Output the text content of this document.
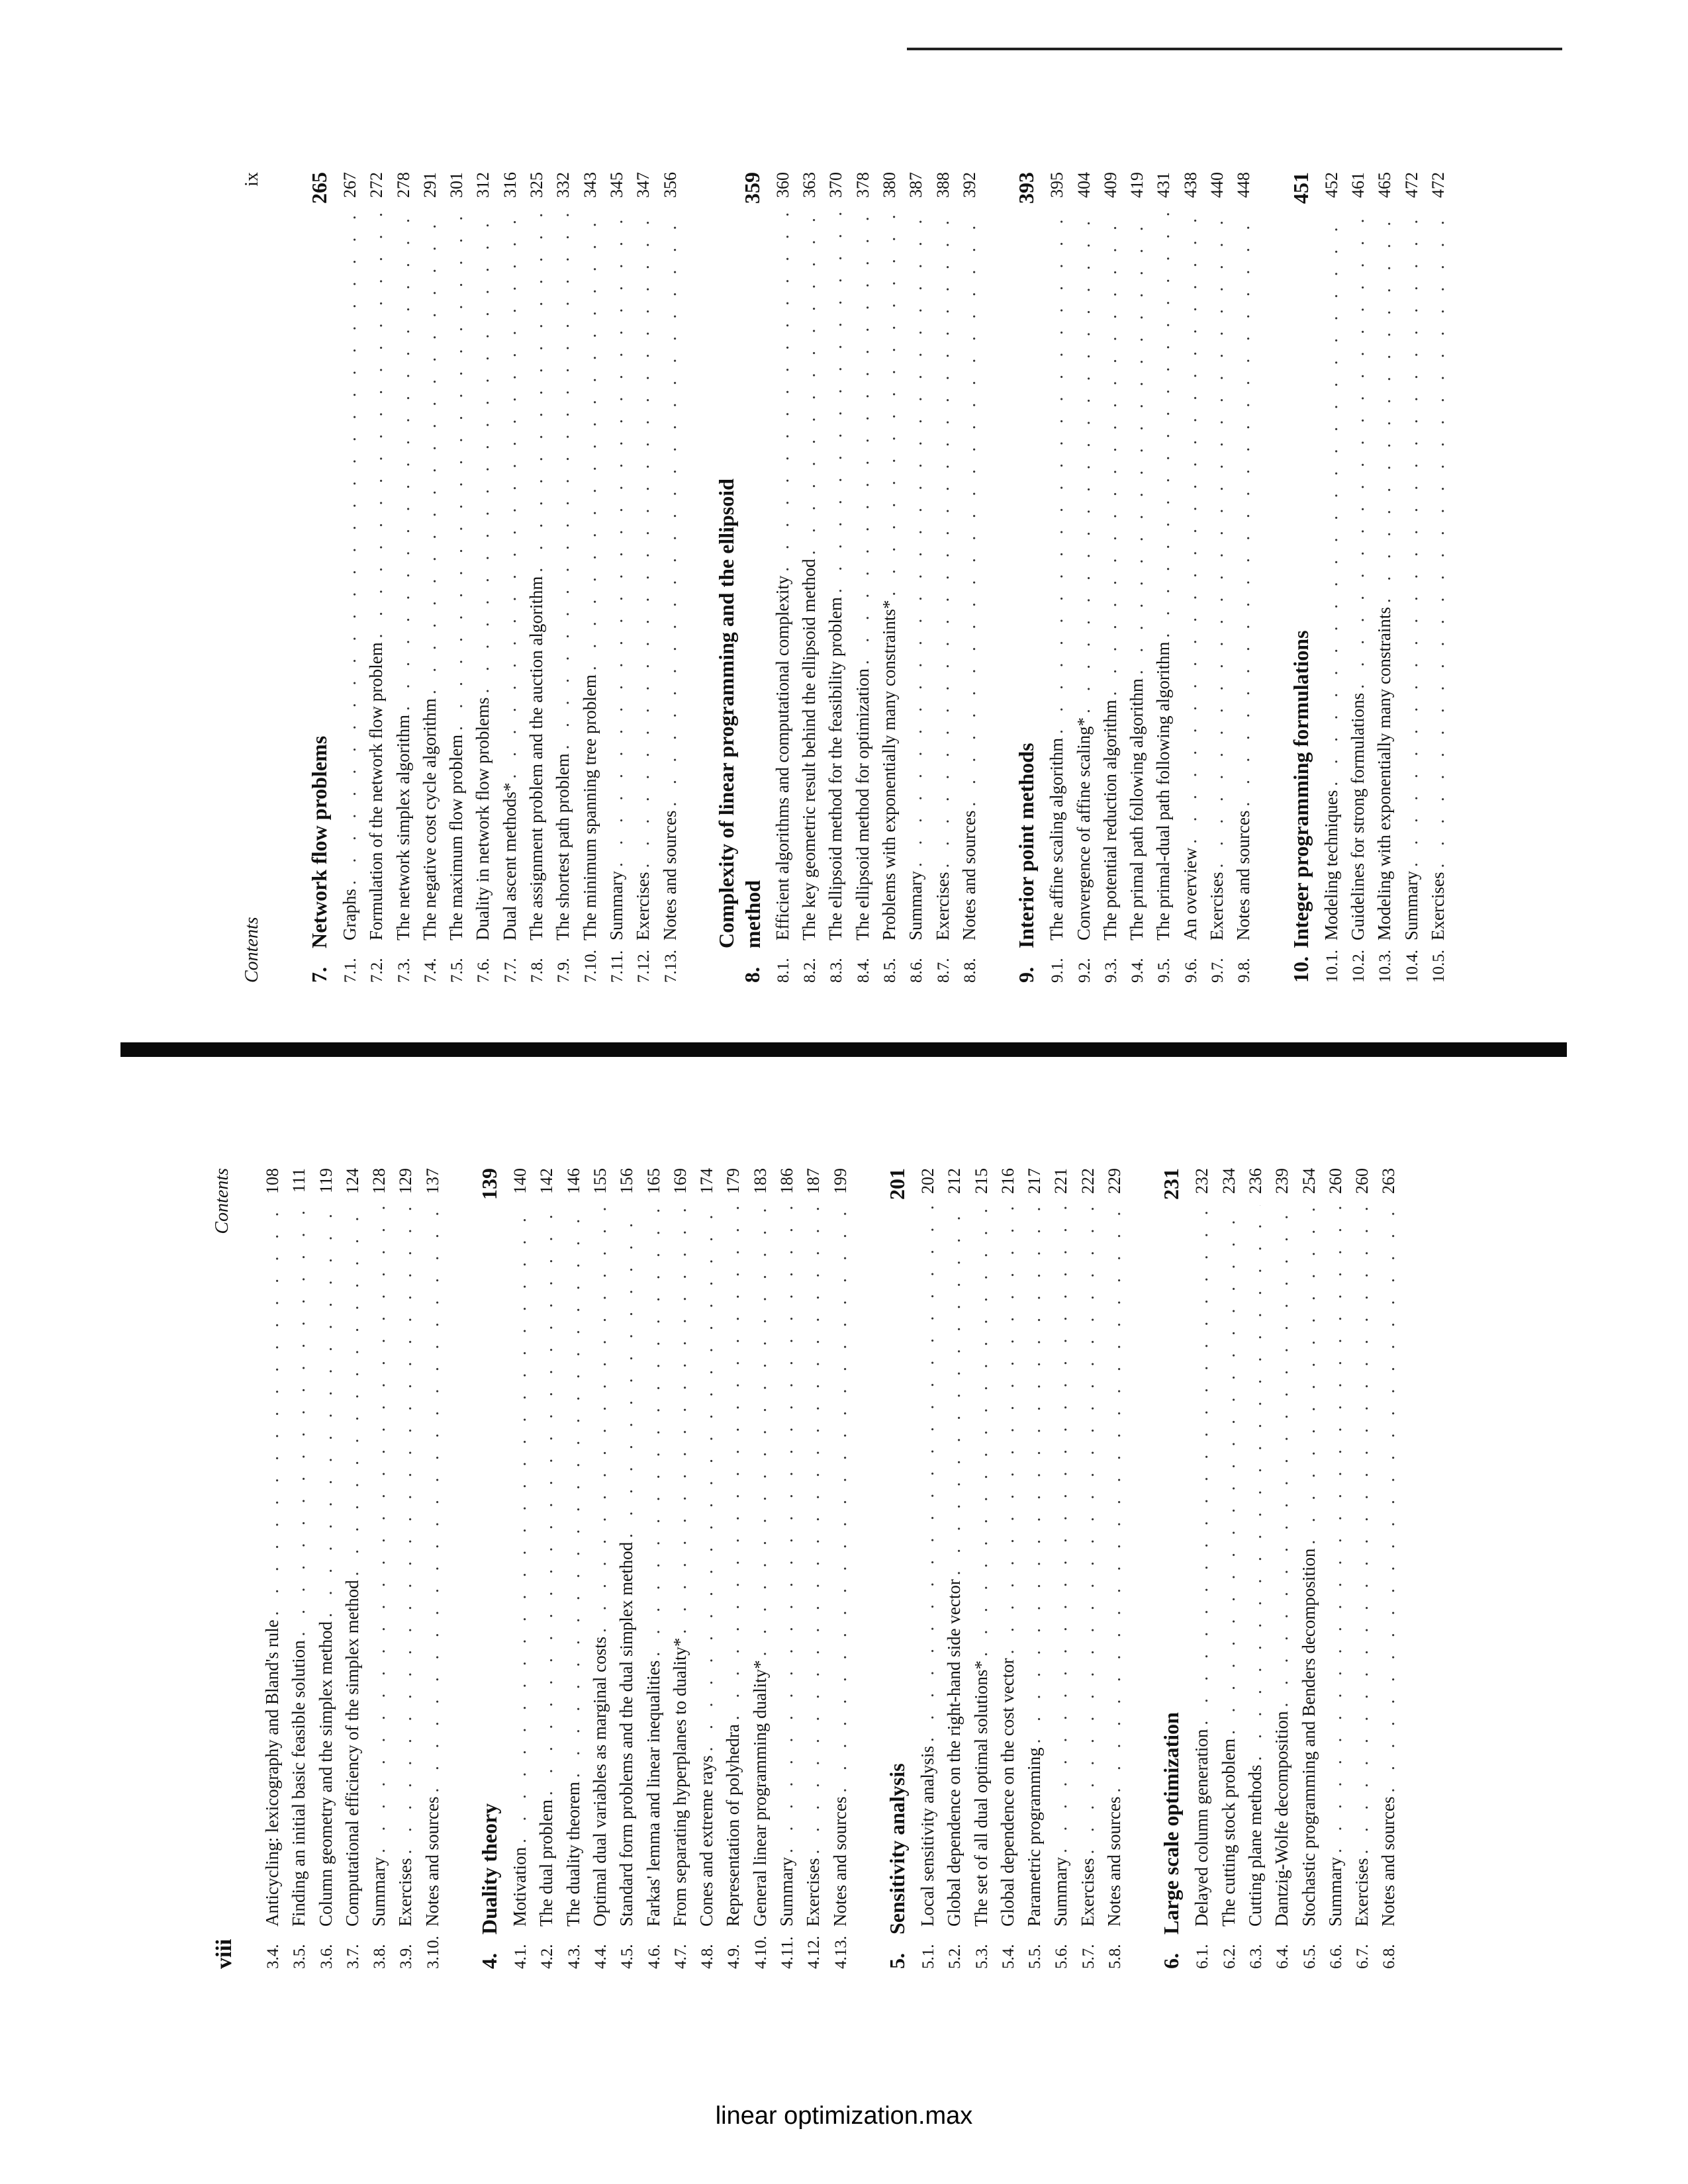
viii
Contents
3.4.
Anticycling: lexicography and Bland's rule
. . .
108
3.5.
Finding an initial basic feasible solution
. . .
111
3.6.
Column geometry and the simplex method
. . .
119
3.7.
Computational efficiency of the simplex method
. . .
124
3.8.
Summary
. . .
128
3.9.
Exercises
. . .
129
3.10.
Notes and sources
. . .
137
4.
Duality theory
139
4.1.
Motivation
. . .
140
4.2.
The dual problem
. . .
142
4.3.
The duality theorem
. . .
146
4.4.
Optimal dual variables as marginal costs
. . .
155
4.5.
Standard form problems and the dual simplex method
. . .
156
4.6.
Farkas' lemma and linear inequalities
. . .
165
4.7.
From separating hyperplanes to duality*
. . .
169
4.8.
Cones and extreme rays
. . .
174
4.9.
Representation of polyhedra
. . .
179
4.10.
General linear programming duality*
. . .
183
4.11.
Summary
. . .
186
4.12.
Exercises
. . .
187
4.13.
Notes and sources
. . .
199
5.
Sensitivity analysis
201
5.1.
Local sensitivity analysis
. . .
202
5.2.
Global dependence on the right-hand side vector
. . .
212
5.3.
The set of all dual optimal solutions*
. . .
215
5.4.
Global dependence on the cost vector
. . .
216
5.5.
Parametric programming
. . .
217
5.6.
Summary
. . .
221
5.7.
Exercises
. . .
222
5.8.
Notes and sources
. . .
229
6.
Large scale optimization
231
6.1.
Delayed column generation
. . .
232
6.2.
The cutting stock problem
. . .
234
6.3.
Cutting plane methods
. . .
236
6.4.
Dantzig-Wolfe decomposition
. . .
239
6.5.
Stochastic programming and Benders decomposition
. . .
254
6.6.
Summary
. . .
260
6.7.
Exercises
. . .
260
6.8.
Notes and sources
. . .
263
Contents
ix
7.
Network flow problems
265
7.1.
Graphs
. . .
267
7.2.
Formulation of the network flow problem
. . .
272
7.3.
The network simplex algorithm
. . .
278
7.4.
The negative cost cycle algorithm
. . .
291
7.5.
The maximum flow problem
. . .
301
7.6.
Duality in network flow problems
. . .
312
7.7.
Dual ascent methods*
. . .
316
7.8.
The assignment problem and the auction algorithm
. . .
325
7.9.
The shortest path problem
. . .
332
7.10.
The minimum spanning tree problem
. . .
343
7.11.
Summary
. . .
345
7.12.
Exercises
. . .
347
7.13.
Notes and sources
. . .
356
8.
Complexity of linear programming and the ellipsoid method
359
8.1.
Efficient algorithms and computational complexity
. . .
360
8.2.
The key geometric result behind the ellipsoid method
. . .
363
8.3.
The ellipsoid method for the feasibility problem
. . .
370
8.4.
The ellipsoid method for optimization
. . .
378
8.5.
Problems with exponentially many constraints*
. . .
380
8.6.
Summary
. . .
387
8.7.
Exercises
. . .
388
8.8.
Notes and sources
. . .
392
9.
Interior point methods
393
9.1.
The affine scaling algorithm
. . .
395
9.2.
Convergence of affine scaling*
. . .
404
9.3.
The potential reduction algorithm
. . .
409
9.4.
The primal path following algorithm
. . .
419
9.5.
The primal-dual path following algorithm
. . .
431
9.6.
An overview
. . .
438
9.7.
Exercises
. . .
440
9.8.
Notes and sources
. . .
448
10.
Integer programming formulations
451
10.1.
Modeling techniques
. . .
452
10.2.
Guidelines for strong formulations
. . .
461
10.3.
Modeling with exponentially many constraints
. . .
465
10.4.
Summary
. . .
472
10.5.
Exercises
. . .
472
linear optimization.max
